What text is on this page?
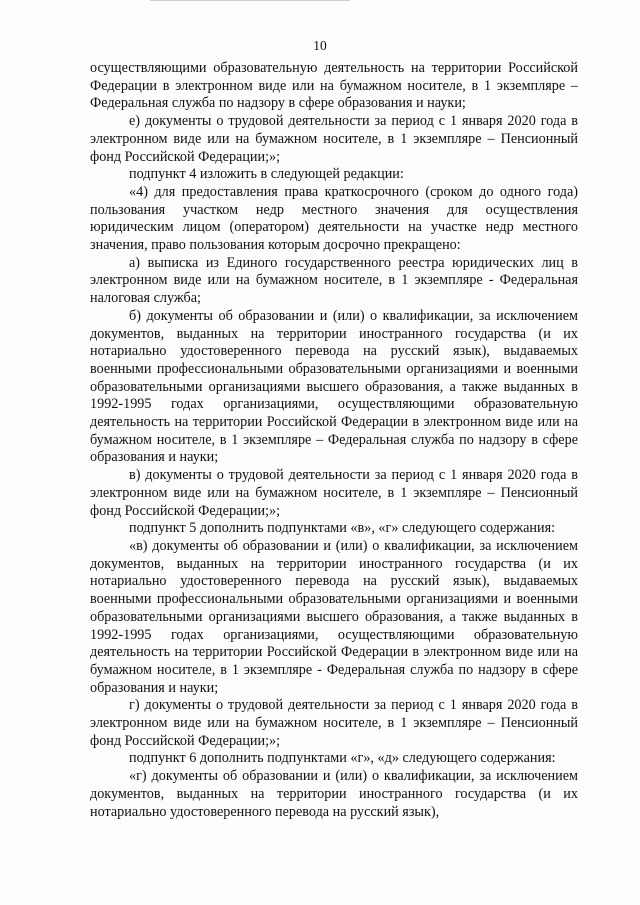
10

осуществляющими образовательную деятельность на территории Российской Федерации в электронном виде или на бумажном носителе, в 1 экземпляре – Федеральная служба по надзору в сфере образования и науки;

е) документы о трудовой деятельности за период с 1 января 2020 года в электронном виде или на бумажном носителе, в 1 экземпляре – Пенсионный фонд Российской Федерации;»;

подпункт 4 изложить в следующей редакции:

«4) для предоставления права краткосрочного (сроком до одного года) пользования участком недр местного значения для осуществления юридическим лицом (оператором) деятельности на участке недр местного значения, право пользования которым досрочно прекращено:

а) выписка из Единого государственного реестра юридических лиц в электронном виде или на бумажном носителе, в 1 экземпляре - Федеральная налоговая служба;

б) документы об образовании и (или) о квалификации, за исключением документов, выданных на территории иностранного государства (и их нотариально удостоверенного перевода на русский язык), выдаваемых военными профессиональными образовательными организациями и военными образовательными организациями высшего образования, а также выданных в 1992-1995 годах организациями, осуществляющими образовательную деятельность на территории Российской Федерации в электронном виде или на бумажном носителе, в 1 экземпляре – Федеральная служба по надзору в сфере образования и науки;

в) документы о трудовой деятельности за период с 1 января 2020 года в электронном виде или на бумажном носителе, в 1 экземпляре – Пенсионный фонд Российской Федерации;»;

подпункт 5 дополнить подпунктами «в», «г» следующего содержания:

«в) документы об образовании и (или) о квалификации, за исключением документов, выданных на территории иностранного государства (и их нотариально удостоверенного перевода на русский язык), выдаваемых военными профессиональными образовательными организациями и военными образовательными организациями высшего образования, а также выданных в 1992-1995 годах организациями, осуществляющими образовательную деятельность на территории Российской Федерации в электронном виде или на бумажном носителе, в 1 экземпляре - Федеральная служба по надзору в сфере образования и науки;

г) документы о трудовой деятельности за период с 1 января 2020 года в электронном виде или на бумажном носителе, в 1 экземпляре – Пенсионный фонд Российской Федерации;»;

подпункт 6 дополнить подпунктами «г», «д» следующего содержания:

«г) документы об образовании и (или) о квалификации, за исключением документов, выданных на территории иностранного государства (и их нотариально удостоверенного перевода на русский язык),
